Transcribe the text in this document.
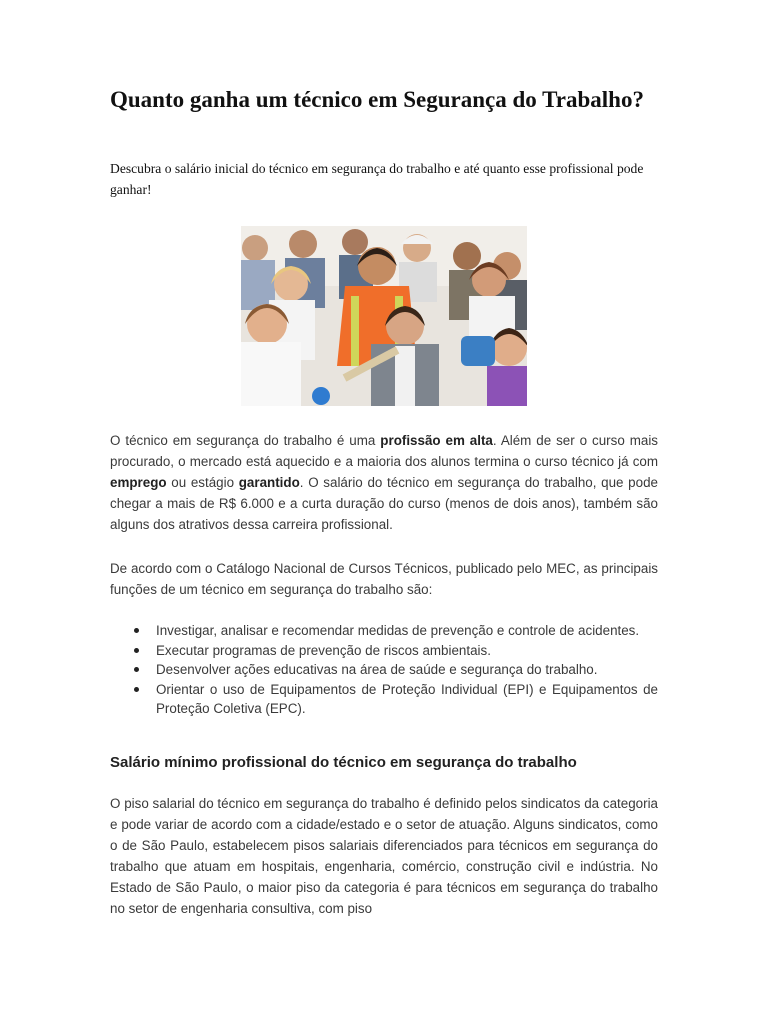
Quanto ganha um técnico em Segurança do Trabalho?

Descubra o salário inicial do técnico em segurança do trabalho e até quanto esse profissional pode ganhar!

O técnico em segurança do trabalho é uma profissão em alta. Além de ser o curso mais procurado, o mercado está aquecido e a maioria dos alunos termina o curso técnico já com emprego ou estágio garantido. O salário do técnico em segurança do trabalho, que pode chegar a mais de R$ 6.000 e a curta duração do curso (menos de dois anos), também são alguns dos atrativos dessa carreira profissional.

De acordo com o Catálogo Nacional de Cursos Técnicos, publicado pelo MEC, as principais funções de um técnico em segurança do trabalho são:

Investigar, analisar e recomendar medidas de prevenção e controle de acidentes.
Executar programas de prevenção de riscos ambientais.
Desenvolver ações educativas na área de saúde e segurança do trabalho.
Orientar o uso de Equipamentos de Proteção Individual (EPI) e Equipamentos de Proteção Coletiva (EPC).
Salário mínimo profissional do técnico em segurança do trabalho

O piso salarial do técnico em segurança do trabalho é definido pelos sindicatos da categoria e pode variar de acordo com a cidade/estado e o setor de atuação. Alguns sindicatos, como o de São Paulo, estabelecem pisos salariais diferenciados para técnicos em segurança do trabalho que atuam em hospitais, engenharia, comércio, construção civil e indústria. No Estado de São Paulo, o maior piso da categoria é para técnicos em segurança do trabalho no setor de engenharia consultiva, com piso
